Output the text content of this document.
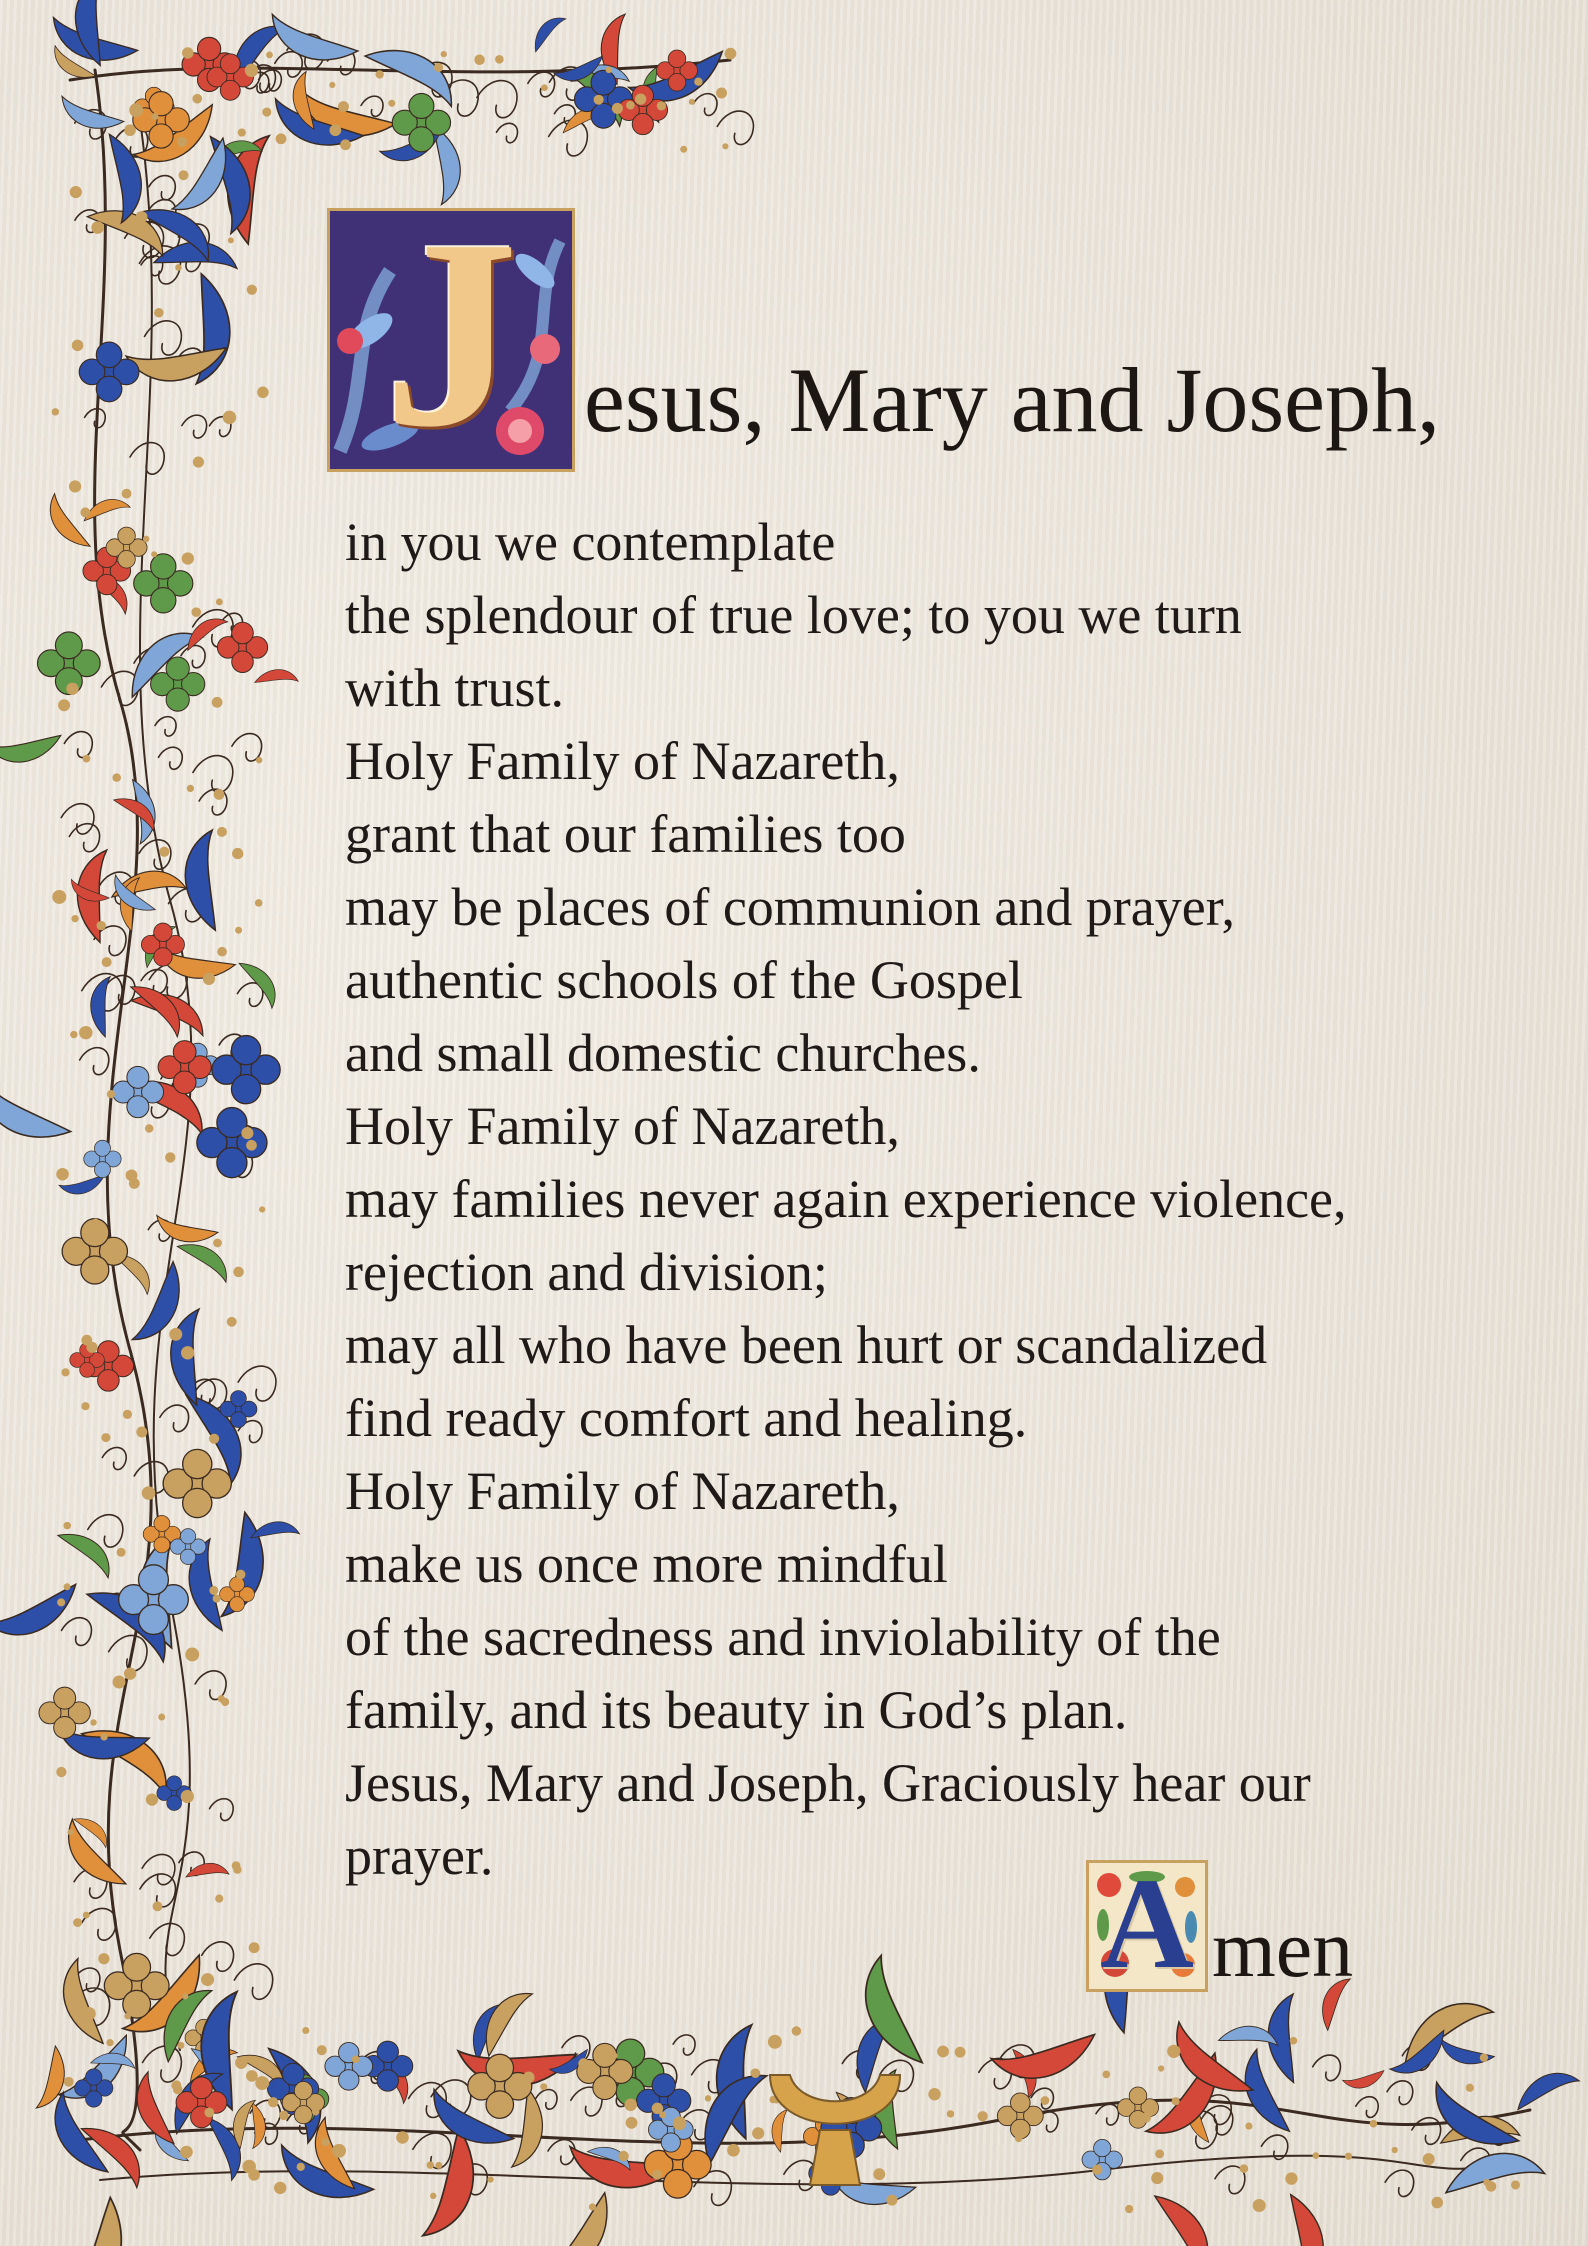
J esus, Mary and Joseph,
in you we contemplate
the splendour of true love; to you we turn
with trust.
Holy Family of Nazareth,
grant that our families too
may be places of communion and prayer,
authentic schools of the Gospel
and small domestic churches.
Holy Family of Nazareth,
may families never again experience violence,
rejection and division;
may all who have been hurt or scandalized
find ready comfort and healing.
Holy Family of Nazareth,
make us once more mindful
of the sacredness and inviolability of the
family, and its beauty in God’s plan.
Jesus, Mary and Joseph, Graciously hear our
prayer.	A men
